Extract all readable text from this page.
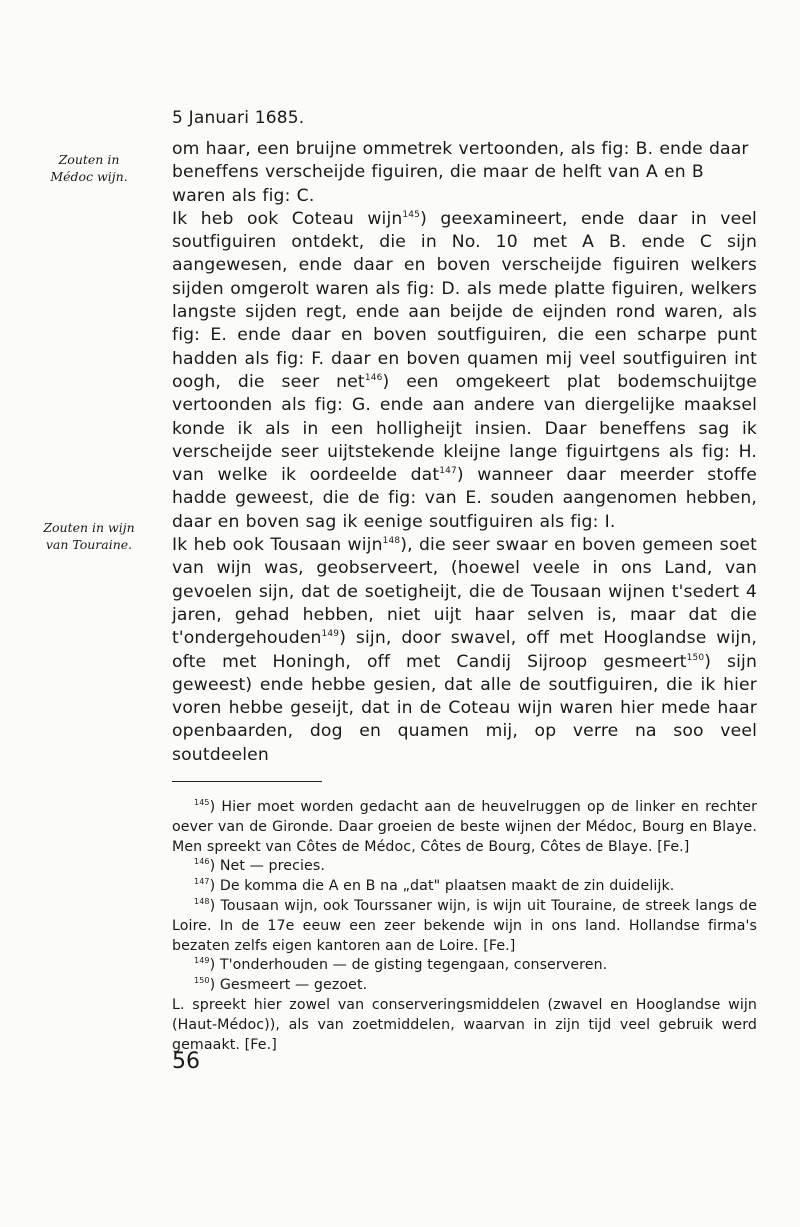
5 Januari 1685.
Zouten in
Médoc wijn.
Zouten in wijn
van Touraine.

om haar, een bruijne ommetrek vertoonden, als fig: B. ende daar beneffens verscheijde figuiren, die maar de helft van A en B waren als fig: C.

Ik heb ook Coteau wijn$^{145}$) geexamineert, ende daar in veel soutfiguiren ontdekt, die in No. 10 met A B. ende C sijn aangewesen, ende daar en boven verscheijde figuiren welkers sijden omgerolt waren als fig: D. als mede platte figuiren, welkers langste sijden regt, ende aan beijde de eijnden rond waren, als fig: E. ende daar en boven soutfiguiren, die een scharpe punt hadden als fig: F. daar en boven quamen mij veel soutfiguiren int oogh, die seer net$^{146}$) een omgekeert plat bodemschuijtge vertoonden als fig: G. ende aan andere van diergelijke maaksel konde ik als in een holligheijt insien. Daar beneffens sag ik verscheijde seer uijtstekende kleijne lange figuirtgens als fig: H. van welke ik oordeelde dat$^{147}$) wanneer daar meerder stoffe hadde geweest, die de fig: van E. souden aangenomen hebben, daar en boven sag ik eenige soutfiguiren als fig: I.

Ik heb ook Tousaan wijn$^{148}$), die seer swaar en boven gemeen soet van wijn was, geobserveert, (hoewel veele in ons Land, van gevoelen sijn, dat de soetigheijt, die de Tousaan wijnen t'sedert 4 jaren, gehad hebben, niet uijt haar selven is, maar dat die t'ondergehouden$^{149}$) sijn, door swavel, off met Hooglandse wijn, ofte met Honingh, off met Candij Sijroop gesmeert$^{150}$) sijn geweest) ende hebbe gesien, dat alle de soutfiguiren, die ik hier voren hebbe geseijt, dat in de Coteau wijn waren hier mede haar openbaarden, dog en quamen mij, op verre na soo veel soutdeelen

$^{145}$) Hier moet worden gedacht aan de heuvelruggen op de linker en rechter oever van de Gironde. Daar groeien de beste wijnen der Médoc, Bourg en Blaye. Men spreekt van Côtes de Médoc, Côtes de Bourg, Côtes de Blaye. [Fe.]

$^{146}$) Net — precies.

$^{147}$) De komma die A en B na „dat" plaatsen maakt de zin duidelijk.

$^{148}$) Tousaan wijn, ook Tourssaner wijn, is wijn uit Touraine, de streek langs de Loire. In de 17e eeuw een zeer bekende wijn in ons land. Hollandse firma's bezaten zelfs eigen kantoren aan de Loire. [Fe.]

$^{149}$) T'onderhouden — de gisting tegengaan, conserveren.

$^{150}$) Gesmeert — gezoet.

L. spreekt hier zowel van conserveringsmiddelen (zwavel en Hooglandse wijn (Haut-Médoc)), als van zoetmiddelen, waarvan in zijn tijd veel gebruik werd gemaakt. [Fe.]

56
